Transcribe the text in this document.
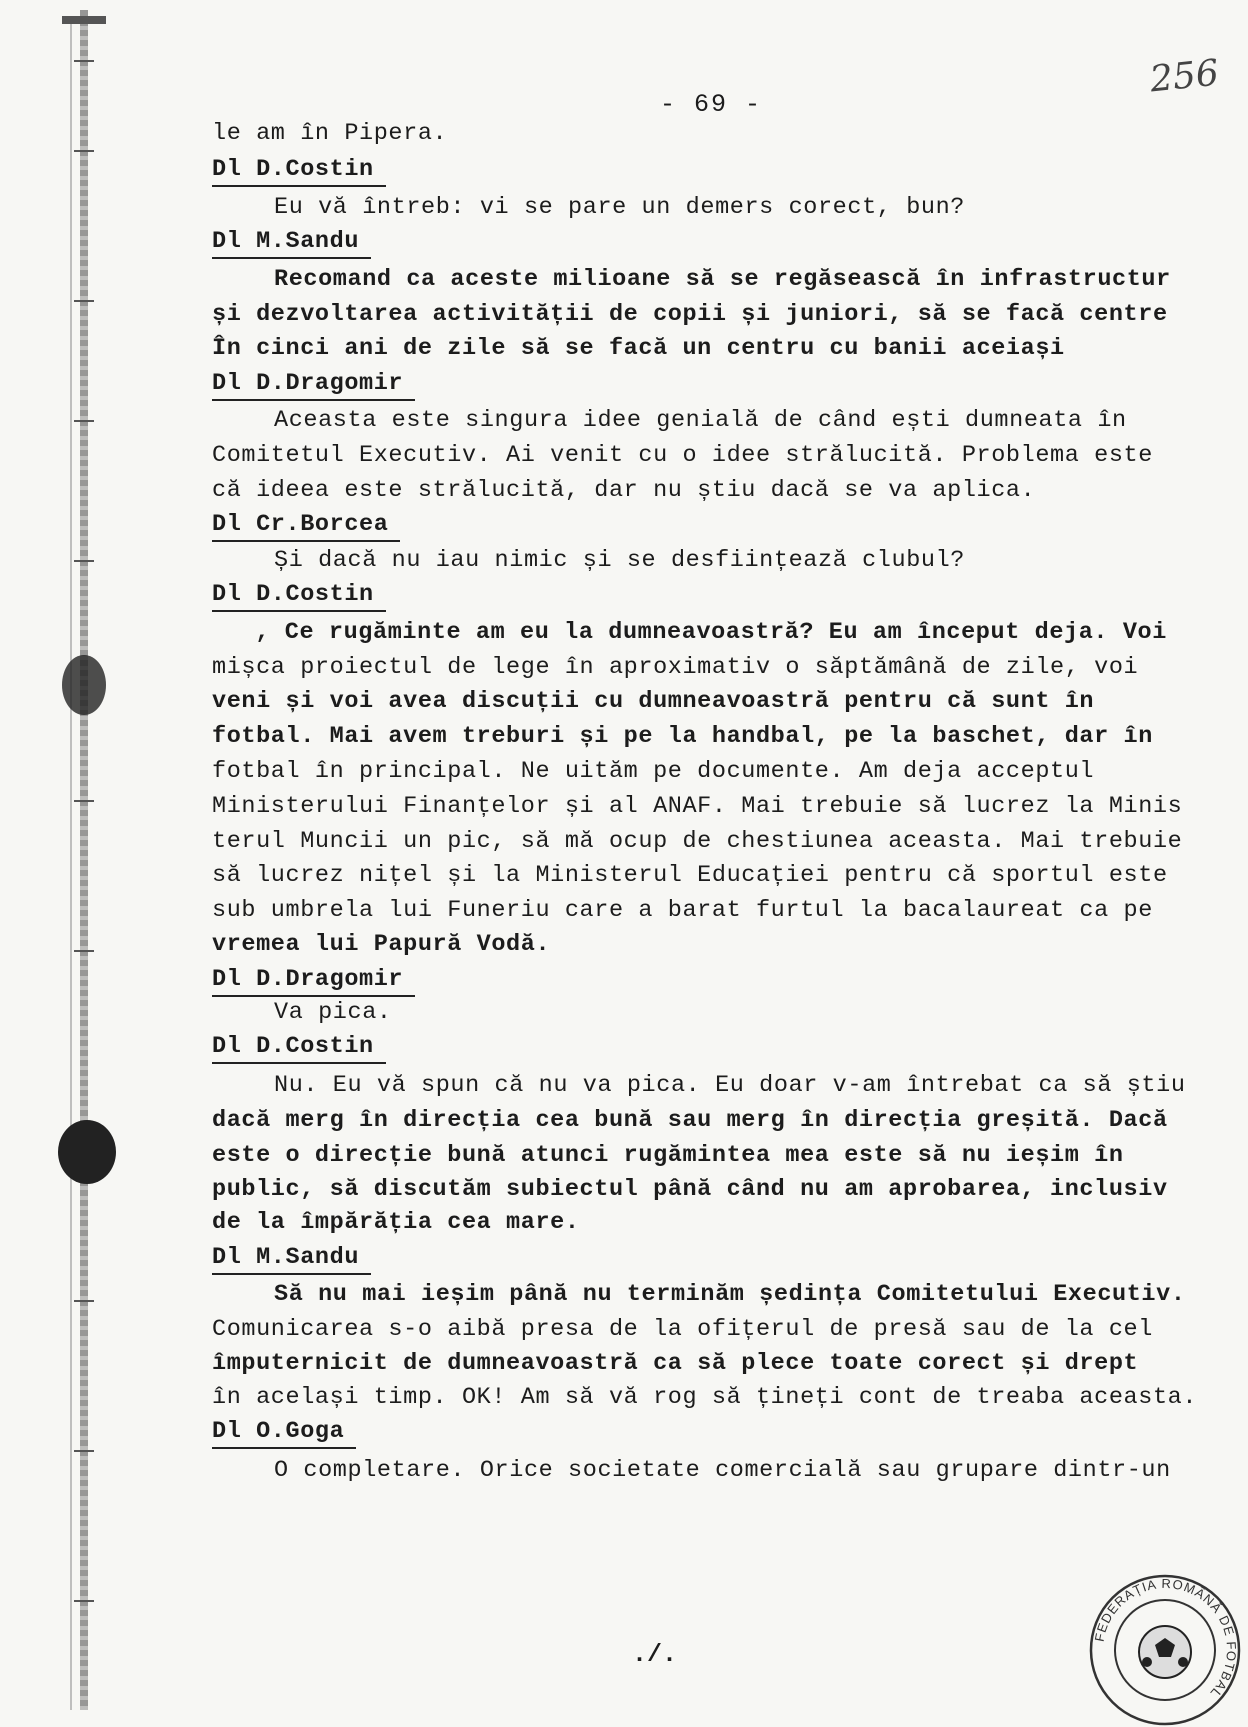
- 69 -
256
le am în Pipera.
Dl D.Costin
Eu vă întreb: vi se pare un demers corect, bun?
Dl M.Sandu
Recomand ca aceste milioane să se regăsească în infrastructur
și dezvoltarea activității de copii și juniori, să se facă centre
În cinci ani de zile să se facă un centru cu banii aceiași
Dl D.Dragomir
Aceasta este singura idee genială de când ești dumneata în
Comitetul Executiv. Ai venit cu o idee strălucită. Problema este
că ideea este strălucită, dar nu știu dacă se va aplica.
Dl Cr.Borcea
Și dacă nu iau nimic și se desființează clubul?
Dl D.Costin
, Ce rugăminte am eu la dumneavoastră? Eu am început deja. Voi
mișca proiectul de lege în aproximativ o săptămână de zile, voi
veni și voi avea discuții cu dumneavoastră pentru că sunt în
fotbal. Mai avem treburi și pe la handbal, pe la baschet, dar în
fotbal în principal. Ne uităm pe documente. Am deja acceptul
Ministerului Finanțelor și al ANAF. Mai trebuie să lucrez la Minis
terul Muncii un pic, să mă ocup de chestiunea aceasta. Mai trebuie
să lucrez nițel și la Ministerul Educației pentru că sportul este
sub umbrela lui Funeriu care a barat furtul la bacalaureat ca pe
vremea lui Papură Vodă.
Dl D.Dragomir
Va pica.
Dl D.Costin
Nu. Eu vă spun că nu va pica. Eu doar v-am întrebat ca să știu
dacă merg în direcția cea bună sau merg în direcția greșită. Dacă
este o direcție bună atunci rugămintea mea este să nu ieșim în
public, să discutăm subiectul până când nu am aprobarea, inclusiv
de la împărăția cea mare.
Dl M.Sandu
Să nu mai ieșim până nu terminăm ședința Comitetului Executiv.
Comunicarea s-o aibă presa de la ofițerul de presă sau de la cel
împuternicit de dumneavoastră ca să plece toate corect și drept
în același timp. OK! Am să vă rog să țineți cont de treaba aceasta.
Dl O.Goga
O completare. Orice societate comercială sau grupare dintr-un
./.
FEDERAȚIA ROMÂNĂ DE FOTBAL
